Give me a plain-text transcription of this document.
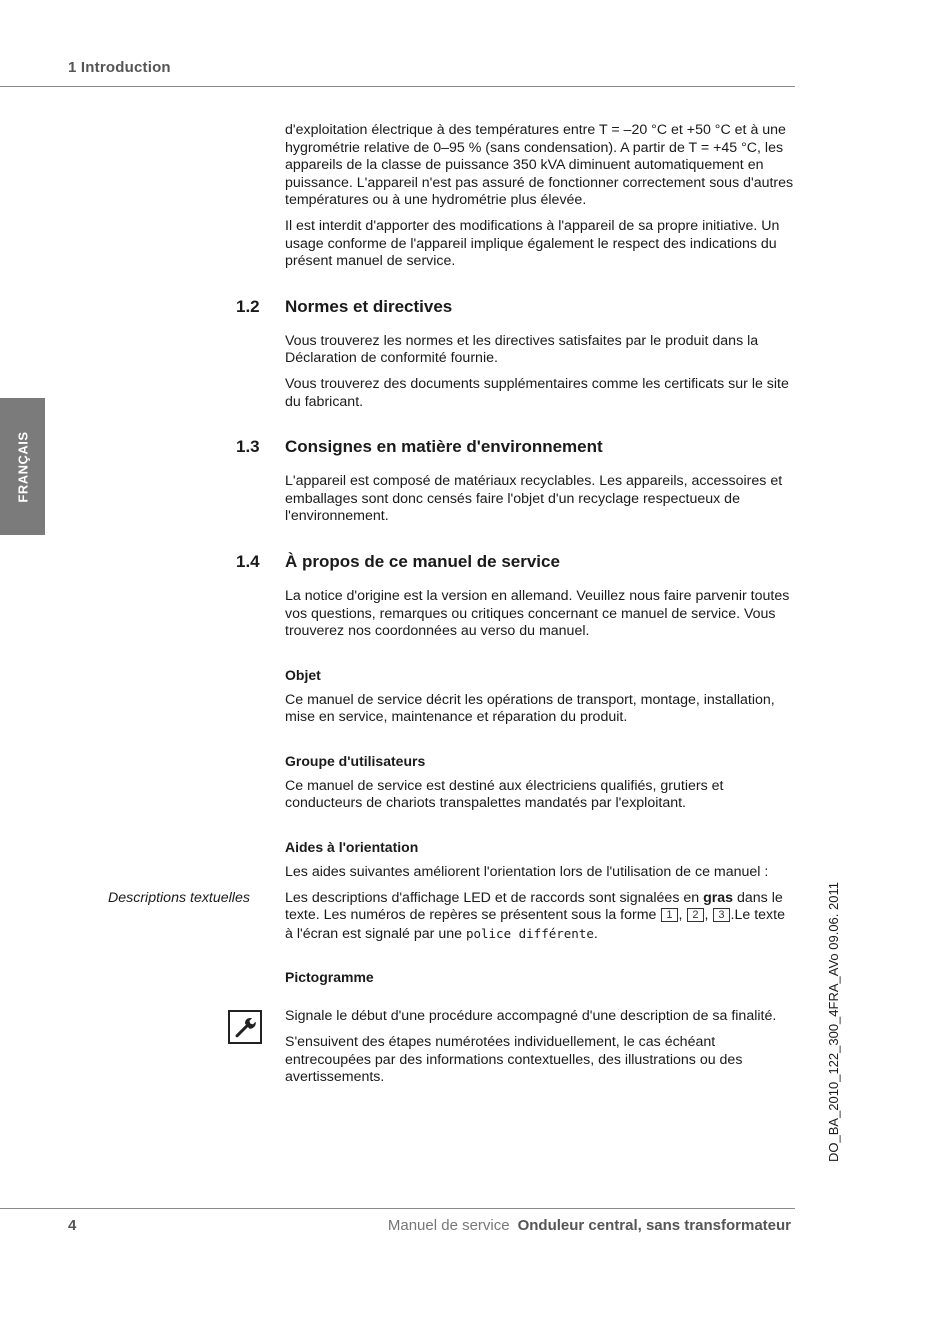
1 Introduction
FRANÇAIS

d'exploitation électrique à des températures entre T = –20 °C et +50 °C et à une hygrométrie relative de 0–95 % (sans condensation). A partir de T = +45 °C, les appareils de la classe de puissance 350 kVA diminuent automatiquement en puissance. L'appareil n'est pas assuré de fonctionner correctement sous d'autres températures ou à une hydrométrie plus élevée.

Il est interdit d'apporter des modifications à l'appareil de sa propre initiative. Un usage conforme de l'appareil implique également le respect des indications du présent manuel de service.

1.2 Normes et directives

Vous trouverez les normes et les directives satisfaites par le produit dans la Déclaration de conformité fournie.

Vous trouverez des documents supplémentaires comme les certificats sur le site du fabricant.

1.3 Consignes en matière d'environnement

L'appareil est composé de matériaux recyclables. Les appareils, accessoires et emballages sont donc censés faire l'objet d'un recyclage respectueux de l'environnement.

1.4 À propos de ce manuel de service

La notice d'origine est la version en allemand. Veuillez nous faire parvenir toutes vos questions, remarques ou critiques concernant ce manuel de service. Vous trouverez nos coordonnées au verso du manuel.

Objet

Ce manuel de service décrit les opérations de transport, montage, installation, mise en service, maintenance et réparation du produit.

Groupe d'utilisateurs

Ce manuel de service est destiné aux électriciens qualifiés, grutiers et conducteurs de chariots transpalettes mandatés par l'exploitant.

Aides à l'orientation

Les aides suivantes améliorent l'orientation lors de l'utilisation de ce manuel :

Descriptions textuelles Les descriptions d'affichage LED et de raccords sont signalées en gras dans le texte. Les numéros de repères se présentent sous la forme 1 , 2 , 3 .Le texte à l'écran est signalé par une police différente.

Pictogramme

Signale le début d'une procédure accompagné d'une description de sa finalité.

S'ensuivent des étapes numérotées individuellement, le cas échéant entrecoupées par des informations contextuelles, des illustrations ou des avertissements.	DO_BA_2010_122_300_4FRA_AVo 09.06. 2011
4	Manuel de service Onduleur central, sans transformateur
